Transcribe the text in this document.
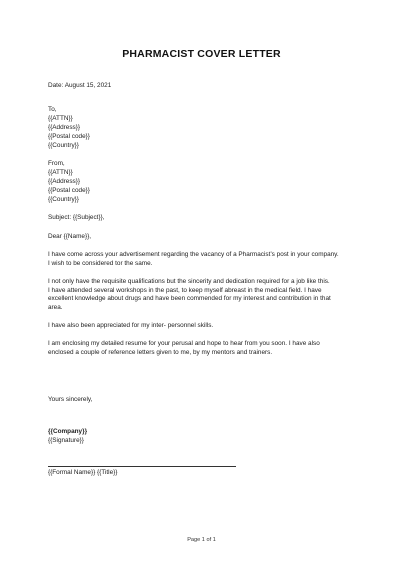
PHARMACIST COVER LETTER
Date: August 15, 2021
To,
{{ATTN}}
{{Address}}
{{Postal code}}
{{Country}}
From,
{{ATTN}}
{{Address}}
{{Postal code}}
{{Country}}
Subject: {{Subject}},
Dear {{Name}},
I have come across your advertisement regarding the vacancy of a Pharmacist’s post in your company.
I wish to be considered tor the same.
I not only have the requisite qualifications but the sincerity and dedication required for a job like this.
I have attended several workshops in the past, to keep myself abreast in the medical field. I have
excellent knowledge about drugs and have been commended for my interest and contribution in that
area.
I have also been appreciated for my inter- personnel skills.
I am enclosing my detailed resume for your perusal and hope to hear from you soon. I have also
enclosed a couple of reference letters given to me, by my mentors and trainers.
Yours sincerely,
{{Company}}
{{Signature}}
{{Formal Name}} {{Title}}
Page 1 of 1
